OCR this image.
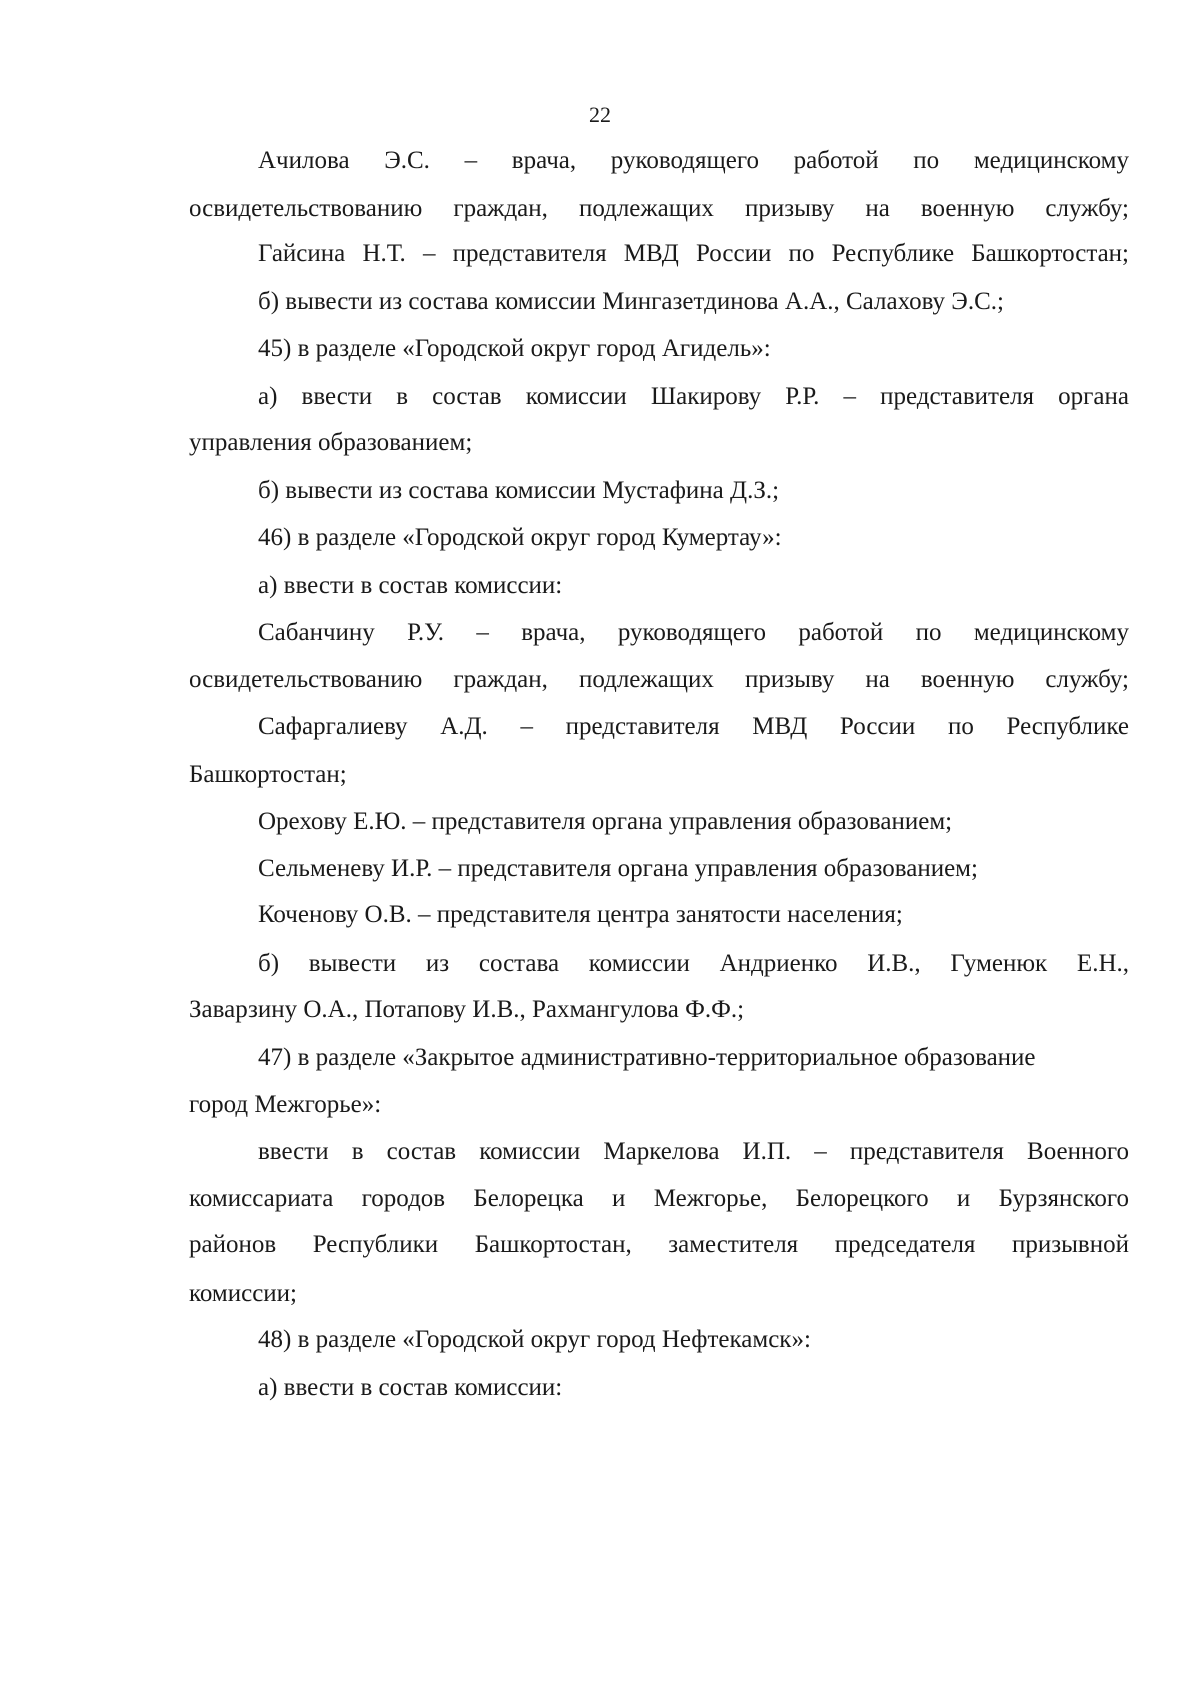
22
Ачилова Э.С. – врача, руководящего работой по медицинскому
освидетельствованию граждан, подлежащих призыву на военную службу;
Гайсина Н.Т. – представителя МВД России по Республике Башкортостан;
б) вывести из состава комиссии Мингазетдинова А.А., Салахову Э.С.;
45) в разделе «Городской округ город Агидель»:
а) ввести в состав комиссии Шакирову Р.Р. – представителя органа
управления образованием;
б) вывести из состава комиссии Мустафина Д.З.;
46) в разделе «Городской округ город Кумертау»:
а) ввести в состав комиссии:
Сабанчину Р.У. – врача, руководящего работой по медицинскому
освидетельствованию граждан, подлежащих призыву на военную службу;
Сафаргалиеву А.Д. – представителя МВД России по Республике
Башкортостан;
Орехову Е.Ю. – представителя органа управления образованием;
Сельменеву И.Р. – представителя органа управления образованием;
Коченову О.В. – представителя центра занятости населения;
б) вывести из состава комиссии Андриенко И.В., Гуменюк Е.Н.,
Заварзину О.А., Потапову И.В., Рахмангулова Ф.Ф.;
47) в разделе «Закрытое административно-территориальное образование
город Межгорье»:
ввести в состав комиссии Маркелова И.П. – представителя Военного
комиссариата городов Белорецка и Межгорье, Белорецкого и Бурзянского
районов Республики Башкортостан, заместителя председателя призывной
комиссии;
48) в разделе «Городской округ город Нефтекамск»:
а) ввести в состав комиссии:
